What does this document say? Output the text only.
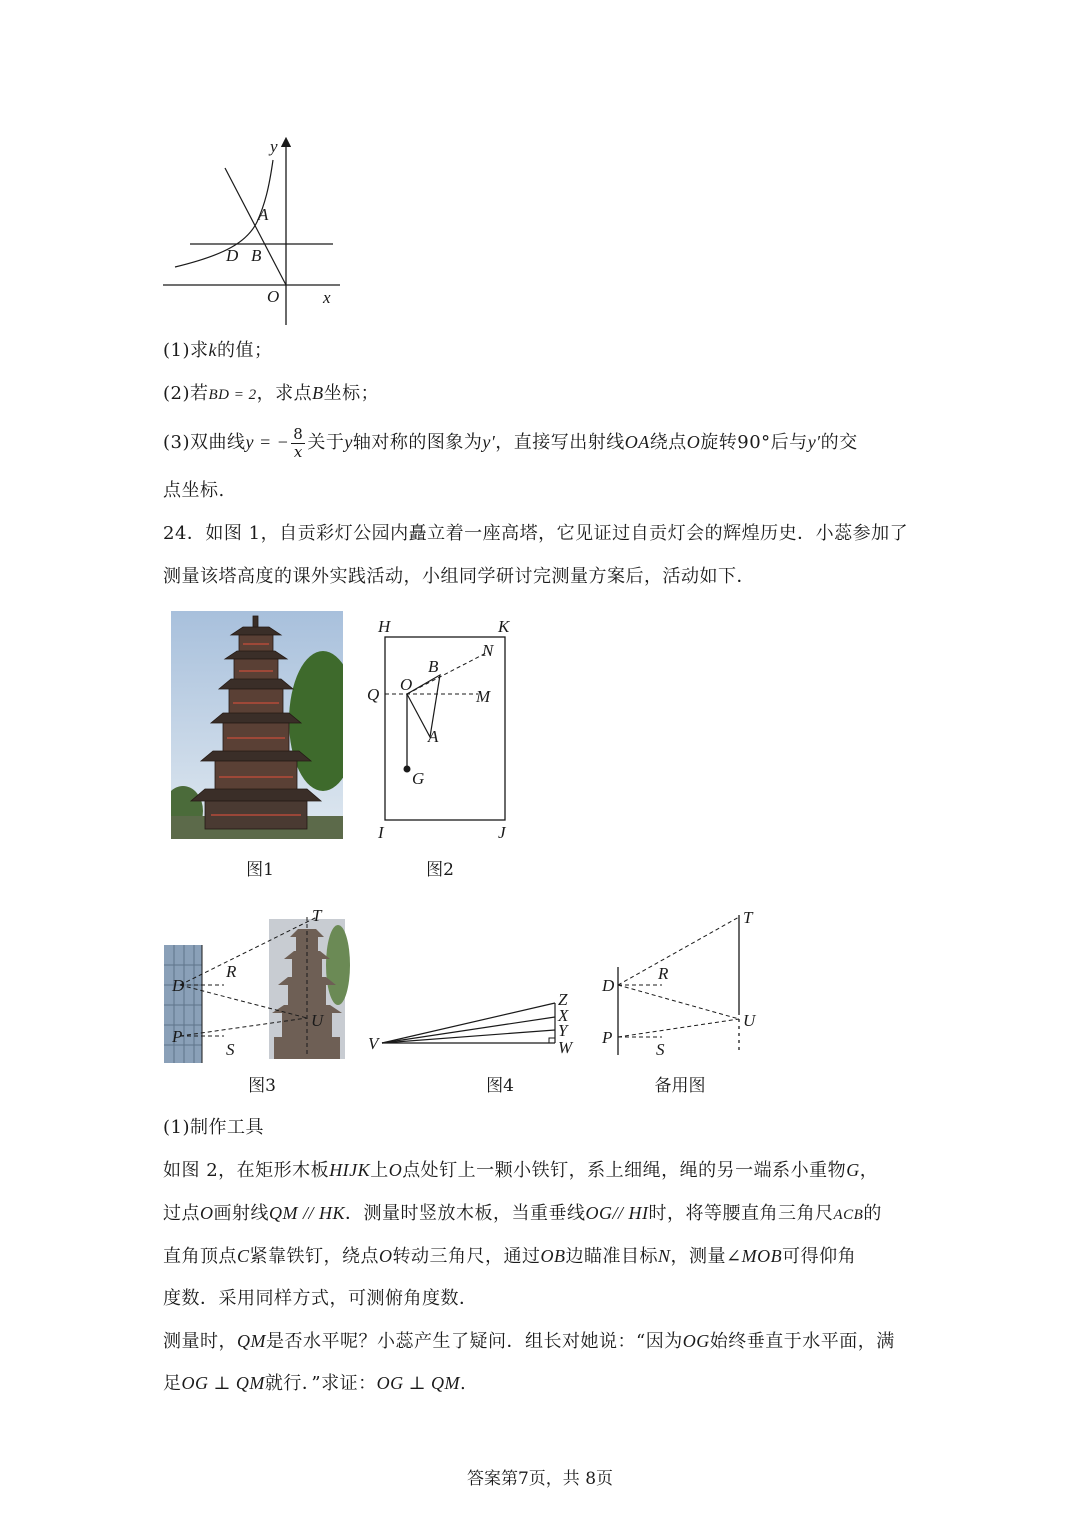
y
x
A
D B
O
(1)求k的值；
(2)若BD = 2，求点B坐标；
(3)双曲线y = − $\frac{8}{x}$ 关于y轴对称的图象为y′，直接写出射线OA绕点O旋转90°后与y′的交
点坐标.
24．如图 1，自贡彩灯公园内矗立着一座高塔，它见证过自贡灯会的辉煌历史．小蕊参加了
测量该塔高度的课外实践活动，小组同学研讨完测量方案后，活动如下．
图1
H	K
N
B
Q
O
M
A
G
I	J
图2
T
R
D
U
P
S
图3
Z
X
Y
W
V
图4
T
R
D
U
P
S
备用图
(1)制作工具
如图 2，在矩形木板HIJK上O点处钉上一颗小铁钉，系上细绳，绳的另一端系小重物G，
过点O画射线QM // HK．测量时竖放木板，当重垂线OG// HI时，将等腰直角三角尺ACB的
直角顶点C紧靠铁钉，绕点O转动三角尺，通过OB边瞄准目标N，测量∠MOB可得仰角
度数．采用同样方式，可测俯角度数．
测量时，QM是否水平呢？小蕊产生了疑问．组长对她说：“因为OG始终垂直于水平面，满
足OG ⊥ QM就行．”求证：OG ⊥ QM.
答案第7页，共 8页
